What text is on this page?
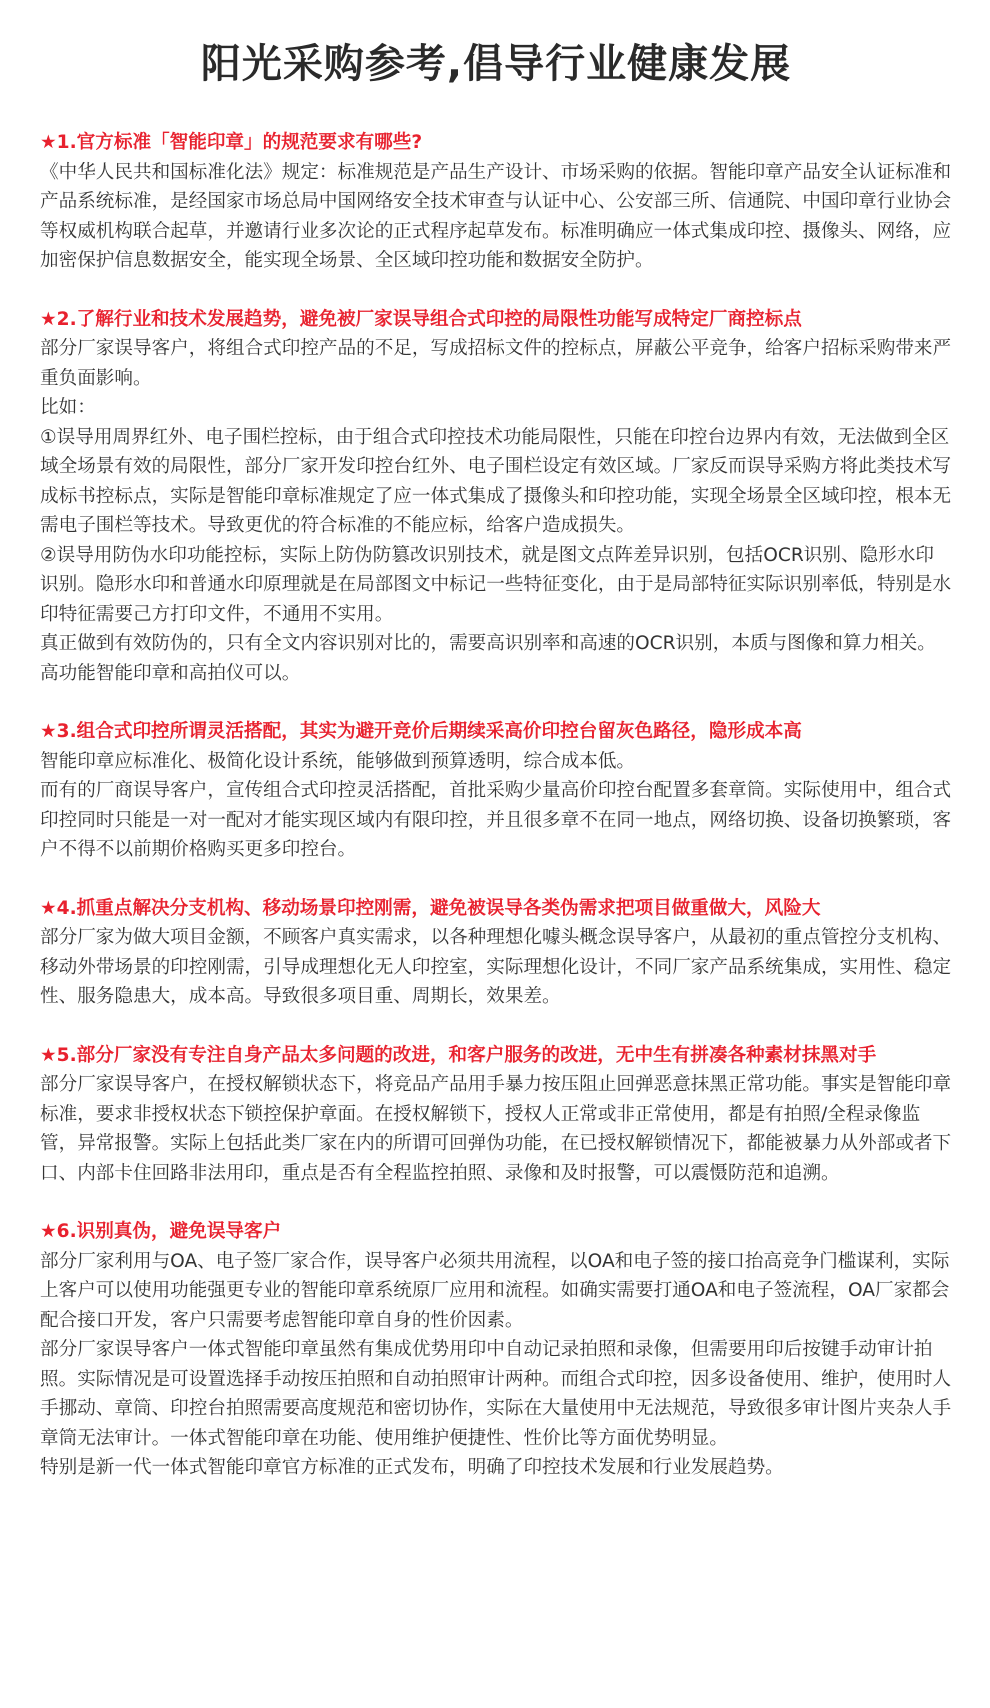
阳光采购参考,倡导行业健康发展

★1.官方标准「智能印章」的规范要求有哪些?

《中华人民共和国标准化法》规定：标准规范是产品生产设计、市场采购的依据。智能印章产品安全认证标准和产品系统标准，是经国家市场总局中国网络安全技术审查与认证中心、公安部三所、信通院、中国印章行业协会等权威机构联合起草，并邀请行业多次论的正式程序起草发布。标准明确应一体式集成印控、摄像头、网络，应加密保护信息数据安全，能实现全场景、全区域印控功能和数据安全防护。

★2.了解行业和技术发展趋势，避免被厂家误导组合式印控的局限性功能写成特定厂商控标点

部分厂家误导客户，将组合式印控产品的不足，写成招标文件的控标点，屏蔽公平竞争，给客户招标采购带来严重负面影响。

比如：

①误导用周界红外、电子围栏控标，由于组合式印控技术功能局限性，只能在印控台边界内有效，无法做到全区域全场景有效的局限性，部分厂家开发印控台红外、电子围栏设定有效区域。厂家反而误导采购方将此类技术写成标书控标点，实际是智能印章标准规定了应一体式集成了摄像头和印控功能，实现全场景全区域印控，根本无需电子围栏等技术。导致更优的符合标准的不能应标，给客户造成损失。

②误导用防伪水印功能控标，实际上防伪防篡改识别技术，就是图文点阵差异识别，包括OCR识别、隐形水印识别。隐形水印和普通水印原理就是在局部图文中标记一些特征变化，由于是局部特征实际识别率低，特别是水印特征需要己方打印文件，不通用不实用。

真正做到有效防伪的，只有全文内容识别对比的，需要高识别率和高速的OCR识别，本质与图像和算力相关。高功能智能印章和高拍仪可以。

★3.组合式印控所谓灵活搭配，其实为避开竞价后期续采高价印控台留灰色路径，隐形成本高

智能印章应标准化、极简化设计系统，能够做到预算透明，综合成本低。

而有的厂商误导客户，宣传组合式印控灵活搭配，首批采购少量高价印控台配置多套章筒。实际使用中，组合式印控同时只能是一对一配对才能实现区域内有限印控，并且很多章不在同一地点，网络切换、设备切换繁琐，客户不得不以前期价格购买更多印控台。

★4.抓重点解决分支机构、移动场景印控刚需，避免被误导各类伪需求把项目做重做大，风险大

部分厂家为做大项目金额，不顾客户真实需求，以各种理想化噱头概念误导客户，从最初的重点管控分支机构、移动外带场景的印控刚需，引导成理想化无人印控室，实际理想化设计，不同厂家产品系统集成，实用性、稳定性、服务隐患大，成本高。导致很多项目重、周期长，效果差。

★5.部分厂家没有专注自身产品太多问题的改进，和客户服务的改进，无中生有拼凑各种素材抹黑对手

部分厂家误导客户，在授权解锁状态下，将竞品产品用手暴力按压阻止回弹恶意抹黑正常功能。事实是智能印章标准，要求非授权状态下锁控保护章面。在授权解锁下，授权人正常或非正常使用，都是有拍照/全程录像监管，异常报警。实际上包括此类厂家在内的所谓可回弹伪功能，在已授权解锁情况下，都能被暴力从外部或者下口、内部卡住回路非法用印，重点是否有全程监控拍照、录像和及时报警，可以震慑防范和追溯。

★6.识别真伪，避免误导客户

部分厂家利用与OA、电子签厂家合作，误导客户必须共用流程，以OA和电子签的接口抬高竞争门槛谋利，实际上客户可以使用功能强更专业的智能印章系统原厂应用和流程。如确实需要打通OA和电子签流程，OA厂家都会配合接口开发，客户只需要考虑智能印章自身的性价因素。

部分厂家误导客户一体式智能印章虽然有集成优势用印中自动记录拍照和录像，但需要用印后按键手动审计拍照。实际情况是可设置选择手动按压拍照和自动拍照审计两种。而组合式印控，因多设备使用、维护，使用时人手挪动、章筒、印控台拍照需要高度规范和密切协作，实际在大量使用中无法规范，导致很多审计图片夹杂人手章筒无法审计。一体式智能印章在功能、使用维护便捷性、性价比等方面优势明显。

特别是新一代一体式智能印章官方标准的正式发布，明确了印控技术发展和行业发展趋势。
